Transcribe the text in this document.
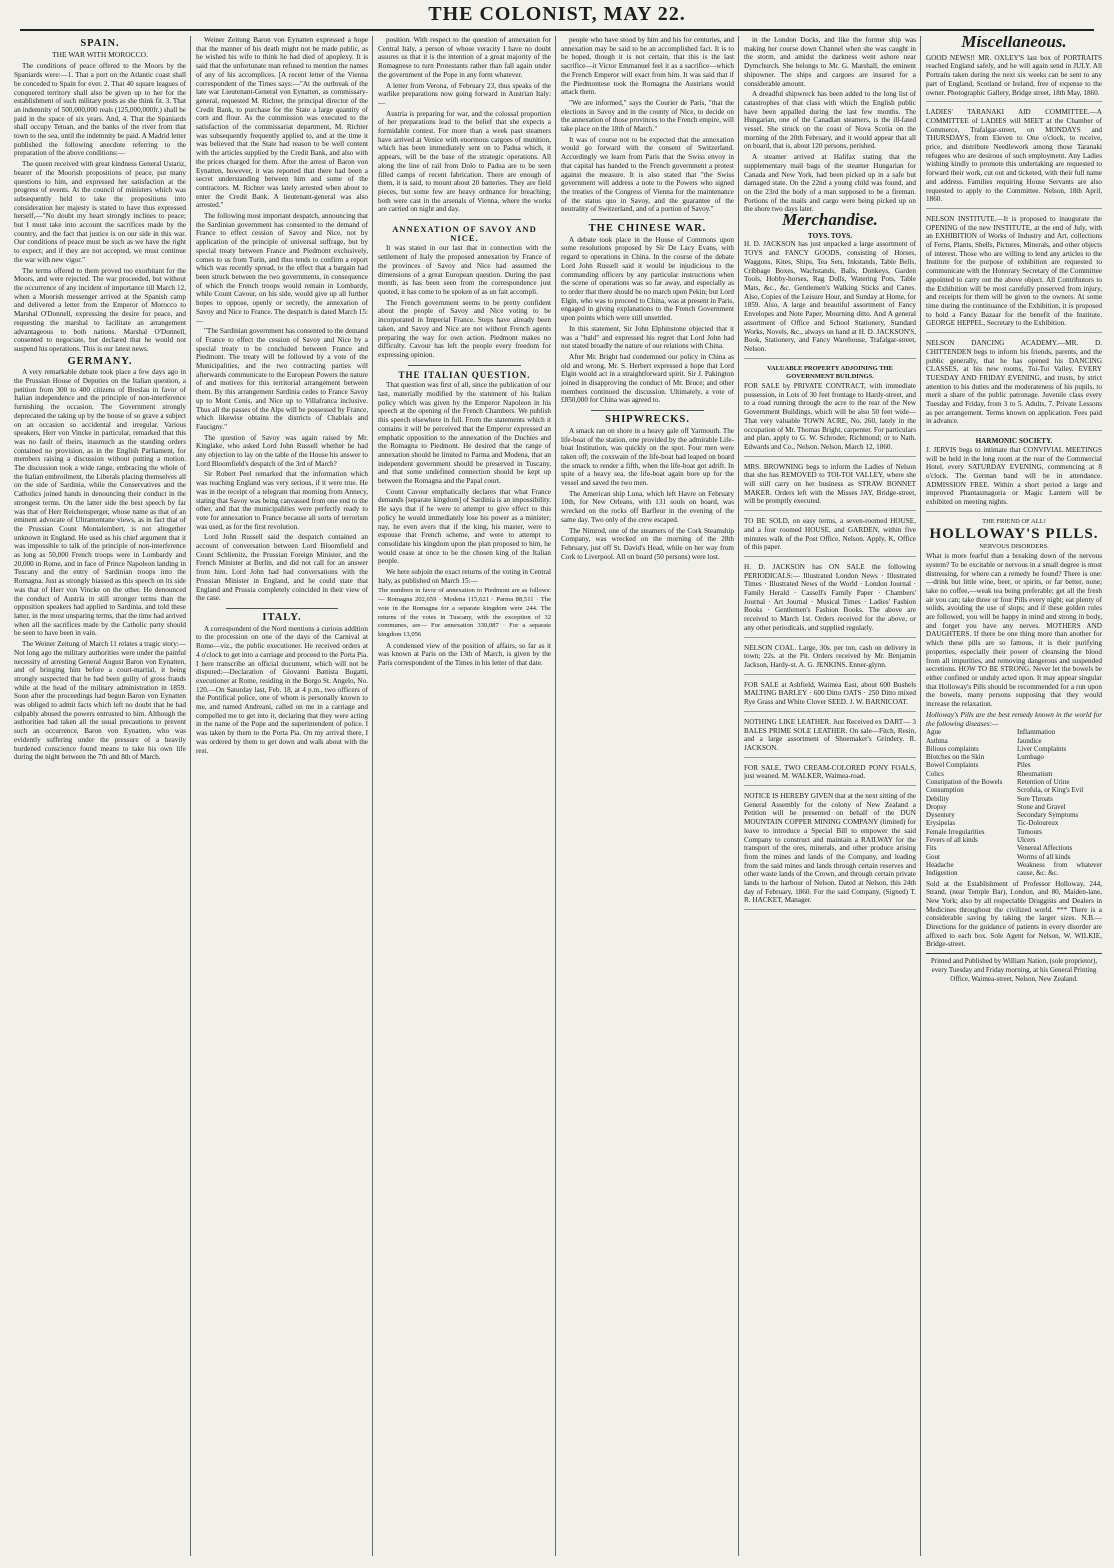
THE COLONIST, MAY 22.
SPAIN.
THE WAR WITH MOROCCO.

The conditions of peace offered to the Moors by the Spaniards were:—1. That a port on the Atlantic coast shall be conceded to Spain for ever. 2. That 40 square leagues of conquered territory shall also be given up to her for the establishment of such military posts as she think fit. 3. That an indemnity of 500,000,000 reals (125,000,000fr.) shall be paid in the space of six years. And, 4. That the Spaniards shall occupy Tetuan, and the banks of the river from that town to the sea, until the indemnity be paid. A Madrid letter published the following anecdote referring to the preparation of the above conditions:—

The queen received with great kindness General Ustariz, bearer of the Moorish propositions of peace, put many questions to him, and expressed her satisfaction at the progress of events. At the council of ministers which was subsequently held to take the propositions into consideration her majesty is stated to have thus expressed herself,—"No doubt my heart strongly inclines to peace; but I must take into account the sacrifices made by the country, and the fact that justice is on our side in this war. Our conditions of peace must be such as we have the right to expect; and if they are not accepted, we must continue the war with new vigor."

The terms offered to them proved too exorbitant for the Moors, and were rejected. The war proceeded, but without the occurrence of any incident of importance till March 12, when a Moorish messenger arrived at the Spanish camp and delivered a letter from the Emperor of Morocco to Marshal O'Donnell, expressing the desire for peace, and requesting the marshal to facilitate an arrangement advantageous to both nations. Marshal O'Donnell, consented to negociate, but declared that he would not suspend his operations. This is our latest news.

GERMANY.

A very remarkable debate took place a few days ago in the Prussian House of Deputies on the Italian question, a petition from 300 to 400 citizens of Breslau in favor of Italian independence and the principle of non-interference furnishing the occasion. The Government strongly deprecated the taking up by the house of so grave a subject on an occasion so accidental and irregular. Various speakers, Herr von Vincke in particular, remarked that this was no fault of theirs, inasmuch as the standing orders contained no provision, as in the English Parliament, for members raising a discussion without putting a motion. The discussion took a wide range, embracing the whole of the Italian embroilment, the Liberals placing themselves all on the side of Sardinia, while the Conservatives and the Catholics joined hands in denouncing their conduct in the strongest terms. On the latter side the best speech by far was that of Herr Reichensperger, whose name as that of an eminent advocate of Ultramontane views, as in fact that of the Prussian Count Montalembert, is not altogether unknown in England. He used as his chief argument that it was impossible to talk of the principle of non-interference as long as 50,000 French troops were in Lombardy and 20,000 in Rome, and in face of Prince Napoleon landing in Tuscany and the entry of Sardinian troops into the Romagna. Just as strongly biassed as this speech on its side was that of Herr von Vincke on the other. He denounced the conduct of Austria in still stronger terms than the opposition speakers had applied to Sardinia, and told these latter, in the most unsparing terms, that the time had arrived when all the sacrifices made by the Catholic party should be seen to have been in vain.

The Weiner Zeitung of March 11 relates a tragic story:—Not long ago the military authorities were under the painful necessity of arresting General August Baron von Eynatten, and of bringing him before a court-martial, it being strongly suspected that he had been guilty of gross frauds while at the head of the military administration in 1859. Soon after the proceedings had begun Baron von Eynatten was obliged to admit facts which left no doubt that he had culpably abused the powers entrusted to him. Although the authorities had taken all the usual precautions to prevent such an occurrence, Baron von Eynatten, who was evidently suffering under the pressure of a heavily burdened conscience found means to take his own life during the night between the 7th and 8th of March.

Weiner Zeitung Baron von Eynatten expressed a hope that the manner of his death might not be made public, as he wished his wife to think he had died of apoplexy. It is said that the unfortunate man refused to mention the names of any of his accomplices. [A recent letter of the Vienna correspondent of the Times says:—"At the outbreak of the late war Lieutenant-General von Eynatten, as commissary-general, requested M. Richter, the principal director of the Credit Bank, to purchase for the State a large quantity of corn and flour. As the commission was executed to the satisfaction of the commissariat department, M. Richter was subsequently frequently applied to, and at the time it was believed that the State had reason to be well content with the articles supplied by the Credit Bank, and also with the prices charged for them. After the arrest of Baron von Eynatten, however, it was reported that there had been a secret understanding between him and some of the contractors. M. Richter was lately arrested when about to enter the Credit Bank. A lieutenant-general was also arrested."

The following most important despatch, announcing that the Sardinian government has consented to the demand of France to effect cession of Savoy and Nice, not by application of the principle of universal suffrage, but by special treaty between France and Piedmont exclusively, comes to us from Turin, and thus tends to confirm a report which was recently spread, to the effect that a bargain had been struck between the two governments, in consequence of which the French troops would remain in Lombardy, while Count Cavour, on his side, would give up all further hopes to oppose, openly or secretly, the annexation of Savoy and Nice to France. The despatch is dated March 15:—

"The Sardinian government has consented to the demand of France to effect the cession of Savoy and Nice by a special treaty to be concluded between France and Piedmont. The treaty will be followed by a vote of the Municipalities, and the two contracting parties will afterwards communicate to the European Powers the nature of and motives for this territorial arrangement between them. By this arrangement Sardinia cedes to France Savoy up to Mont Cenis, and Nice up to Villafranca inclusive. Thus all the passes of the Alps will be possessed by France, which likewise obtains the districts of Chablais and Faucigny."

The question of Savoy was again raised by Mr. Kinglake, who asked Lord John Russell whether he had any objection to lay on the table of the House his answer to Lord Bloomfield's despatch of the 3rd of March?

Sir Robert Peel remarked that the information which was reaching England was very serious, if it were true. He was in the receipt of a telegram that morning from Annecy, stating that Savoy was being canvassed from one end to the other, and that the municipalities were perfectly ready to vote for annexation to France because all sorts of terrorism was used, as for the first revolution.

Lord John Russell said the despatch contained an account of conversation between Lord Bloomfield and Count Schlienitz, the Prussian Foreign Minister, and the French Minister at Berlin, and did not call for an answer from him. Lord John had had conversations with the Prussian Minister in England, and he could state that England and Prussia completely coincided in their view of the case.

ITALY.

A correspondent of the Nord mentions a curious addition to the procession on one of the days of the Carnival at Rome—viz., the public executioner. He received orders at 4 o'clock to get into a carriage and proceed to the Porta Pia. I here transcribe an official document, which will not be disputed:—Declaration of Giovanni Battista Bugatti, executioner at Rome, residing in the Borgo St. Angelo, No. 120.—On Saturday last, Feb. 18, at 4 p.m., two officers of the Pontifical police, one of whom is personally known to me, and named Andreani, called on me in a carriage and compelled me to get into it, declaring that they were acting in the name of the Pope and the superintendent of police. I was taken by them to the Porta Pia. On my arrival there, I was ordered by them to get down and walk about with the rest.

position. With respect to the question of annexation for Central Italy, a person of whose veracity I have no doubt assures us that it is the intention of a great majority of the Romagnese to turn Protestants rather than fall again under the government of the Pope in any form whatever.

A letter from Verona, of February 23, thus speaks of the warlike preparations now going forward in Austrian Italy:—

Austria is preparing for war, and the colossal proportion of her preparations lead to the belief that she expects a formidable contest. For more than a week past steamers have arrived at Venice with enormous cargoes of munition, which has been immediately sent on to Padua which, it appears, will be the base of the strategic operations. All along the line of rail from Dolo to Padua are to be seen filled camps of recent fabrication. There are enough of them, it is said, to mount about 20 batteries. They are field pieces, but some few are heavy ordnance for breaching; both were cast in the arsenals of Vienna, where the works are carried on night and day.

ANNEXATION OF SAVOY AND NICE.

It was stated in our last that in connection with the settlement of Italy the proposed annexation by France of the provinces of Savoy and Nice had assumed the dimensions of a great European question. During the past month, as has been seen from the correspondence just quoted, it has come to be spoken of as un fait accompli.

The French government seems to be pretty confident about the people of Savoy and Nice voting to be incorporated in Imperial France. Steps have already been taken, and Savoy and Nice are not without French agents preparing the way for own action. Piedmont makes no difficulty. Cavour has left the people every freedom for expressing opinion.

THE ITALIAN QUESTION.

That question was first of all, since the publication of our last, materially modified by the statement of his Italian policy which was given by the Emperor Napoleon in his speech at the opening of the French Chambers. We publish this speech elsewhere in full. From the statements which it contains it will be perceived that the Emperor expressed an emphatic opposition to the annexation of the Duchies and the Romagna to Piedmont. He desired that the range of annexation should be limited to Parma and Modena, that an independent government should be preserved in Tuscany, and that some undefined connection should be kept up between the Romagna and the Papal court.

Count Cavour emphatically declares that what France demands [separate kingdom] of Sardinia is an impossibility. He says that if he were to attempt to give effect to this policy he would immediately lose his power as a minister; nay, he even avers that if the king, his master, were to espouse that French scheme, and were to attempt to consolidate his kingdom upon the plan proposed to him, he would cease at once to be the chosen king of the Italian people.

We here subjoin the exact returns of the voting in Central Italy, as published on March 15:—

The numbers in favor of annexation to Piedmont are as follows:— Romagna 202,659 · Modena 115,621 · Parma 88,511 · The vote in the Romagna for a separate kingdom were 244. The returns of the votes in Tuscany, with the exception of 32 communes, are— For annexation 330,087 · For a separate kingdom 13,056

A condensed view of the position of affairs, so far as it was known at Paris on the 13th of March, is given by the Paris correspondent of the Times in his letter of that date.

people who have stood by him and his for centuries, and annexation may be said to be an accomplished fact. It is to be hoped, though it is not certain, that this is the last sacrifice—it Victor Emmanuel feel it as a sacrifice—which the French Emperor will exact from him. It was said that if the Piedmontese took the Romagna the Austrians would attack them.

"We are informed," says the Courier de Paris, "that the elections in Savoy and in the county of Nice, to decide on the annexation of those provinces to the French empire, will take place on the 18th of March."

It was of course not to be expected that the annexation would go forward with the consent of Switzerland. Accordingly we learn from Paris that the Swiss envoy in that capital has handed to the French government a protest against the measure. It is also stated that "the Swiss government will address a note to the Powers who signed the treaties of the Congress of Vienna for the maintenance of the status quo in Savoy, and the guarantee of the neutrality of Switzerland, and of a portion of Savoy."

THE CHINESE WAR.

A debate took place in the House of Commons upon some resolutions proposed by Sir De Lacy Evans, with regard to operations in China. In the course of the debate Lord John Russell said it would be injudicious to the commanding officers by any particular instructions when the scene of operations was so far away, and especially as to order that there should be no march upon Pekin; but Lord Elgin, who was to proceed to China, was at present in Paris, engaged in giving explanations to the French Government upon points which were still unsettled.

In this statement, Sir John Elphinstone objected that it was a "bald" and expressed his regret that Lord John had not stated broadly the nature of our relations with China.

After Mr. Bright had condemned our policy in China as old and wrong, Mr. S. Herbert expressed a hope that Lord Elgin would act in a straightforward spirit. Sir J. Pakington joined in disapproving the conduct of Mr. Bruce; and other members continued the discussion. Ultimately, a vote of £850,000 for China was agreed to.

SHIPWRECKS.

A smack ran on shore in a heavy gale off Yarmouth. The life-boat of the station, one provided by the admirable Life-boat Institution, was quickly on the spot. Four men were taken off; the coxswain of the life-boat had leaped on board the smack to render a fifth, when the life-boat got adrift. In spite of a heavy sea, the life-boat again bore up for the vessel and saved the two men.

The American ship Luna, which left Havre on February 10th, for New Orleans, with 131 souls on board, was wrecked on the rocks off Barfleur in the evening of the same day. Two only of the crew escaped.

The Nimrod, one of the steamers of the Cork Steamship Company, was wrecked on the morning of the 28th February, just off St. David's Head, while on her way from Cork to Liverpool. All on board (50 persons) were lost.

in the London Docks, and like the former ship was making her course down Channel when she was caught in the storm, and amidst the darkness went ashore near Dymchurch. She belongs to Mr. G. Marshall, the eminent shipowner. The ships and cargoes are insured for a considerable amount.

A dreadful shipwreck has been added to the long list of catastrophes of that class with which the English public have been appalled during the last few months. The Hungarian, one of the Canadian steamers, is the ill-fated vessel. She struck on the coast of Nova Scotia on the morning of the 20th February, and it would appear that all on board, that is, about 120 persons, perished.

A steamer arrived at Halifax stating that the supplementary mail bags of the steamer Hungarian for Canada and New York, had been picked up in a safe but damaged state. On the 22nd a young child was found, and on the 23rd the body of a man supposed to be a fireman. Portions of the mails and cargo were being picked up on the shore two days later.

Merchandise.
TOYS. TOYS.
H. D. JACKSON has just unpacked a large assortment of TOYS and FANCY GOODS, consisting of Horses, Waggons, Kites, Ships, Tea Sets, Inkstands, Table Bells, Cribbage Boxes, Wachstands, Balls, Donkeys, Garden Tools, Hobby-horses, Rag Dolls, Watering Pots, Table Mats, &c., &c. Gentlemen's Walking Sticks and Canes. Also, Copies of the Leisure Hour, and Sunday at Home, for 1859. Also, A large and beautiful assortment of Fancy Envelopes and Note Paper, Mourning ditto. And A general assortment of Office and School Stationery, Standard Works, Novels, &c., always on hand at H. D. JACKSON'S, Book, Stationery, and Fancy Warehouse, Trafalgar-street, Nelson.
VALUABLE PROPERTY ADJOINING THE GOVERNMENT BUILDINGS.
FOR SALE by PRIVATE CONTRACT, with immediate possession, in Lots of 30 feet frontage to Hardy-street, and to a road running through the acre to the rear of the New Government Buildings, which will be also 50 feet wide— That very valuable TOWN ACRE, No. 260, lately in the occupation of Mr. Thomas Bright, carpenter. For particulars and plan, apply to G. W. Schroder, Richmond; or to Nath. Edwards and Co., Nelson. Nelson, March 12, 1860.
MRS. BROWNING begs to inform the Ladies of Nelson that she has REMOVED to TOI-TOI VALLEY, where she will still carry on her business as STRAW BONNET MAKER. Orders left with the Misses JAY, Bridge-street, will be promptly executed.
TO BE SOLD, on easy terms, a seven-roomed HOUSE, and a four roomed HOUSE, and GARDEN, within five minutes walk of the Post Office, Nelson. Apply, K, Office of this paper.
H. D. JACKSON has ON SALE the following PERIODICALS:— Illustrated London News · Illustrated Times · Illustrated News of the World · London Journal · Family Herald · Cassell's Family Paper · Chambers' Journal · Art Journal · Musical Times · Ladies' Fashion Books · Gentlemen's Fashion Books. The above are received to March 1st. Orders received for the above, or any other periodicals, and supplied regularly.
NELSON COAL. Large, 30s. per ton, cash on delivery in town; 22s. at the Pit. Orders received by Mr. Benjamin Jackson, Hardy-st. A. G. JENKINS. Enner-glynn.
FOR SALE at Ashfield, Waimea East, about 600 Bushels MALTING BARLEY · 600 Ditto OATS · 250 Ditto mixed Rye Grass and White Clover SEED. J. W. BARNICOAT.
NOTHING LIKE LEATHER. Just Received ex DART— 3 BALES PRIME SOLE LEATHER. On sale—Fitch, Resin, and a large assortment of Shoemaker's Grindery. R. JACKSON.
FOR SALE, TWO CREAM-COLORED PONY FOALS, just weaned. M. WALKER, Waimea-road.
NOTICE IS HEREBY GIVEN that at the next sitting of the General Assembly for the colony of New Zealand a Petition will be presented on behalf of the DUN MOUNTAIN COPPER MINING COMPANY (limited) for leave to introduce a Special Bill to empower the said Company to construct and maintain a RAILWAY for the transport of the ores, minerals, and other produce arising from the mines and lands of the Company, and leading from the said mines and lands through certain reserves and other waste lands of the Crown, and through certain private lands to the harbour of Nelson. Dated at Nelson, this 24th day of February, 1860. For the said Company, (Signed) T. R. HACKET, Manager.
Miscellaneous.
GOOD NEWS!! MR. OXLEY'S last box of PORTRAITS reached England safely, and he will again send in JULY. All Portraits taken during the next six weeks can be sent to any part of England, Scotland or Ireland, free of expense to the owner. Photographic Gallery, Bridge street, 18th May, 1860.
LADIES' TARANAKI AID COMMITTEE.—A COMMITTEE of LADIES will MEET at the Chamber of Commerce, Trafalgar-street, on MONDAYS and THURSDAYS, from Eleven to One o'clock, to receive, price, and distribute Needlework among those Taranaki refugees who are desirous of such employment. Any Ladies wishing kindly to promote this undertaking are requested to forward their work, cut out and ticketed, with their full name and address. Families requiring House Servants are also requested to apply to the Committee. Nelson, 18th April, 1860.
NELSON INSTITUTE.—It is proposed to inaugurate the OPENING of the new INSTITUTE, at the end of July, with an EXHIBITION of Works of Industry and Art, collections of Ferns, Plants, Shells, Pictures, Minerals, and other objects of interest. Those who are willing to lend any articles to the Institute for the purpose of exhibition are requested to communicate with the Honorary Secretary of the Committee appointed to carry out the above object. All Contributors to the Exhibition will be most carefully preserved from injury, and receipts for them will be given to the owners. At some time during the continuance of the Exhibition, it is proposed to hold a Fancy Bazaar for the benefit of the Institute. GEORGE HEPPEL, Secretary to the Exhibition.
NELSON DANCING ACADEMY.—MR. D. CHITTENDEN begs to inform his friends, parents, and the public generally, that he has opened his DANCING CLASSES, at his new rooms, Toi-Toi Valley. EVERY TUESDAY AND FRIDAY EVENING, and trusts, by strict attention to his duties and the moderateness of his pupils, to merit a share of the public patronage. Juvenile class every Tuesday and Friday, from 3 to 5. Adults, 7. Private Lessons as per arrangement. Terms known on application. Fees paid in advance.
HARMONIC SOCIETY.
J. JERVIS begs to intimate that CONVIVIAL MEETINGS will be held in the long room at the rear of the Commercial Hotel, every SATURDAY EVENING, commencing at 8 o'clock. The German band will be in attendance. ADMISSION FREE. Within a short period a large and improved Phantasmagoria or Magic Lantern will be exhibited on meeting nights.
THE FRIEND OF ALL!
HOLLOWAY'S PILLS.
NERVOUS DISORDERS.
What is more fearful than a breaking down of the nervous system? To be excitable or nervous in a small degree is most distressing, for where can a remedy be found? There is one:—drink but little wine, beer, or spirits, or far better, none; take no coffee,—weak tea being preferable; get all the fresh air you can; take three or four Pills every night; eat plenty of solids, avoiding the use of slops; and if these golden rules are followed, you will be happy in mind and strong in body, and forget you have any nerves. MOTHERS AND DAUGHTERS. If there be one thing more than another for which these pills are so famous, it is their purifying properties, especially their power of cleansing the blood from all impurities, and removing dangerous and suspended secretions. HOW TO BE STRONG. Never let the bowels be either confined or unduly acted upon. It may appear singular that Holloway's Pills should be recommended for a run upon the bowels, many persons supposing that they would increase the relaxation.
Holloway's Pills are the best remedy known in the world for the following diseases:—
Ague
Asthma
Bilious complaints
Blotches on the Skin
Bowel Complaints
Colics
Constipation of the Bowels
Consumption
Debility
Dropsy
Dysentery
Erysipelas
Female Irregularities
Fevers of all kinds
Fits
Gout
Headache
Indigestion
Inflammation
Jaundice
Liver Complaints
Lumbago
Piles
Rheumatism
Retention of Urine
Scrofula, or King's Evil
Sore Throats
Stone and Gravel
Secondary Symptoms
Tic-Doloureux
Tumours
Ulcers
Venereal Affections
Worms of all kinds
Weakness from whatever cause, &c. &c.
Sold at the Establishment of Professor Holloway, 244, Strand, (near Temple Bar), London, and 80, Maiden-lane, New York; also by all respectable Druggists and Dealers in Medicines throughout the civilized world. *** There is a considerable saving by taking the larger sizes. N.B.—Directions for the guidance of patients in every disorder are affixed to each box. Sole Agent for Nelson, W. WILKIE, Bridge-street.
Printed and Published by William Nation, (sole proprietor), every Tuesday and Friday morning, at his General Printing Office, Waimea-street, Nelson, New Zealand.
